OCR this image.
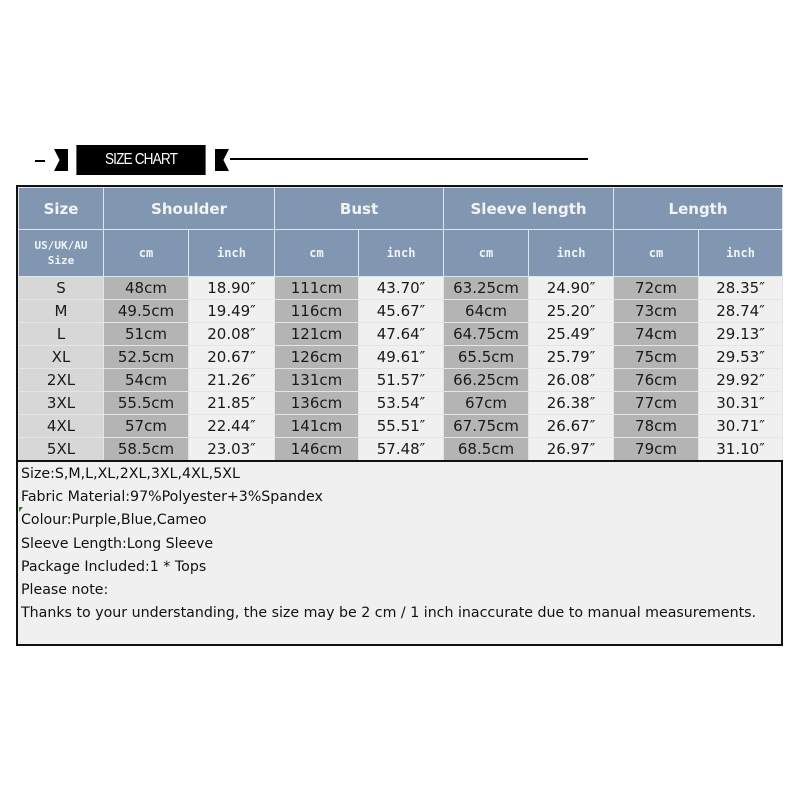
SIZE CHART
Size	Shoulder		Bust		Sleeve length		Length	

US/UK/AU
Size	cm	inch	cm	inch	cm	inch	cm	inch
S	48cm	18.90″	111cm	43.70″	63.25cm	24.90″	72cm	28.35″
M	49.5cm	19.49″	116cm	45.67″	64cm	25.20″	73cm	28.74″
L	51cm	20.08″	121cm	47.64″	64.75cm	25.49″	74cm	29.13″
XL	52.5cm	20.67″	126cm	49.61″	65.5cm	25.79″	75cm	29.53″
2XL	54cm	21.26″	131cm	51.57″	66.25cm	26.08″	76cm	29.92″
3XL	55.5cm	21.85″	136cm	53.54″	67cm	26.38″	77cm	30.31″
4XL	57cm	22.44″	141cm	55.51″	67.75cm	26.67″	78cm	30.71″
5XL	58.5cm	23.03″	146cm	57.48″	68.5cm	26.97″	79cm	31.10″
Size:S,M,L,XL,2XL,3XL,4XL,5XL
Fabric Material:97%Polyester+3%Spandex
Colour:Purple,Blue,Cameo
Sleeve Length:Long Sleeve
Package Included:1 * Tops
Please note:
Thanks to your understanding, the size may be 2 cm / 1 inch inaccurate due to manual measurements.
